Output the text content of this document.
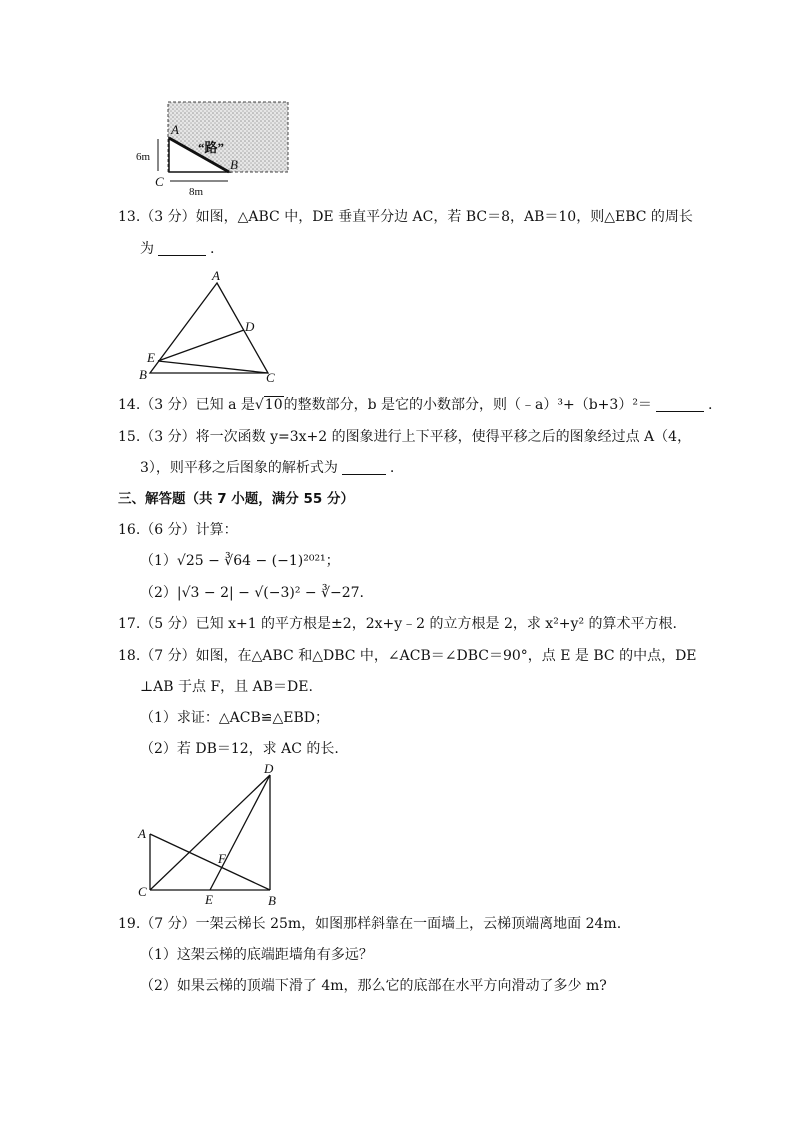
A
B
C
“路”
6m
8m
13.（3 分）如图，△ABC 中，DE 垂直平分边 AC，若 BC＝8，AB＝10，则△EBC 的周长
为	.
A
B	C
D
E
14.（3 分）已知 a 是√10的整数部分，b 是它的小数部分，则（﹣a）³+（b+3）²＝	.
15.（3 分）将一次函数 y=3x+2 的图象进行上下平移，使得平移之后的图象经过点 A（4，
3），则平移之后图象的解析式为	.
三、解答题（共 7 小题，满分 55 分）
16.（6 分）计算：
（1）√25 − ∛64 − (−1)²⁰²¹；
（2）|√3 − 2| − √(−3)² − ∛−27.
17.（5 分）已知 x+1 的平方根是±2，2x+y﹣2 的立方根是 2，求 x²+y² 的算术平方根.
18.（7 分）如图，在△ABC 和△DBC 中，∠ACB＝∠DBC＝90°，点 E 是 BC 的中点，DE
⊥AB 于点 F，且 AB＝DE.
（1）求证：△ACB≌△EBD；
（2）若 DB＝12，求 AC 的长.
A
B
C
D
E
F
19.（7 分）一架云梯长 25m，如图那样斜靠在一面墙上，云梯顶端离地面 24m.
（1）这架云梯的底端距墙角有多远？
（2）如果云梯的顶端下滑了 4m，那么它的底部在水平方向滑动了多少 m?
